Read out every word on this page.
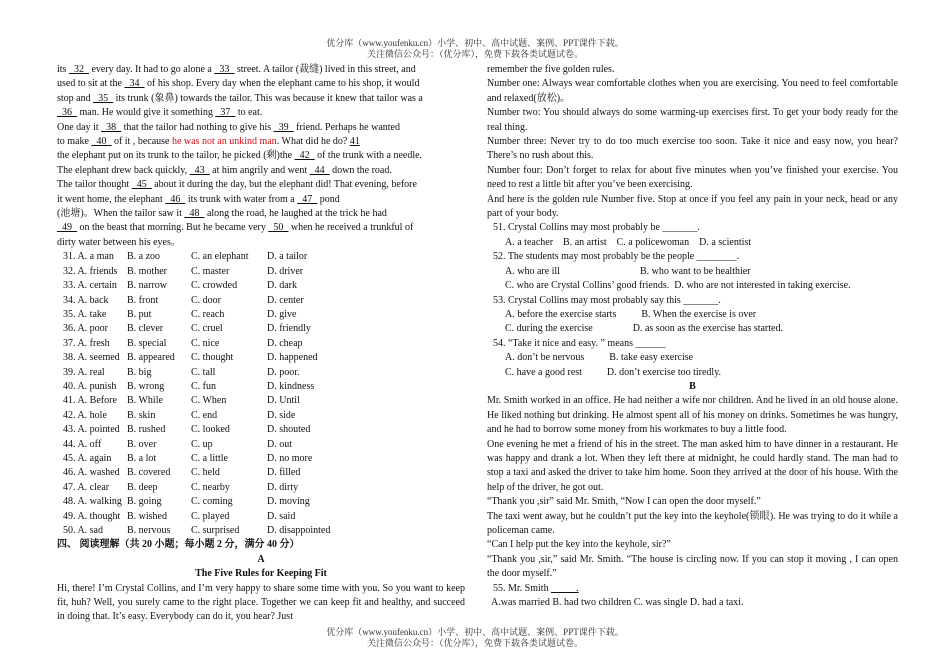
优分库（www.youfenku.cn）小学、初中、高中试题、案例、PPT课件下载。
关注微信公众号：（优分库），免费下载各类试题试卷。

its _32_ every day. It had to go alone a _33_ street. A tailor (裁缝) lived in this street, and

used to sit at the _34_ of his shop. Every day when the elephant came to his shop, it would

stop and _35_ its trunk (象鼻) towards the tailor. This was because it knew that tailor was a

_36_ man. He would give it something _37_ to eat.

One day it _38_ that the tailor had nothing to give his _39_ friend. Perhaps he wanted

to make _40_ of it , because he was not an unkind man. What did he do? 41

the elephant put on its trunk to the tailor, he picked (剩)the _42_ of the trunk with a needle.

The elephant drew back quickly, _43_ at him angrily and went _44_ down the road.

The tailor thought _45_ about it during the day, but the elephant did! That evening, before

it went home, the elephant _46_ its trunk with water from a _47_ pond

(池塘)。When the tailor saw it _48_ along the road, he laughed at the trick he had

_49_ on the beast that morning. But he became very _50_ when he received a trunkful of

dirty water between his eyes。

31. A. a man B. a zoo	C. an elephant D. a tailor

32. A. friends B. mother C. master	D. driver

33. A. certain B. narrow C. crowded	D. dark

34. A. back B. front	C. door	D. center

35. A. take B. put	C. reach	D. give

36. A. poor B. clever	C. cruel	D. friendly

37. A. fresh B. special C. nice	D. cheap

38. A. seemed B. appeared C. thought	D. happened

39. A. real B. big	C. tall	D. poor.

40. A. punish B. wrong	C. fun	D. kindness

41. A. Before B. While	C. When	D. Until

42. A. hole B. skin	C. end	D. side

43. A. pointed B. rushed	C. looked	D. shouted

44. A. off	B. over	C. up	D. out

45. A. again B. a lot	C. a little	D. no more

46. A. washed B. covered C. held	D. filled

47. A. clear B. deep	C. nearby	D. dirty

48. A. walking B. going	C. coming	D. moving

49. A. thought B. wished C. played	D. said

50. A. sad B. nervous C. surprised	D. disappointed

四、 阅读理解（共 20 小题；每小题 2 分，满分 40 分）

A

The Five Rules for Keeping Fit

Hi, there! I’m Crystal Collins, and I’m very happy to share some time with you. So you want to keep fit, huh? Well, you surely came to the right place. Together we can keep fit and healthy, and succeed in doing that. It’s easy. Everybody can do it, you hear? Just

remember the five golden rules.

Number one: Always wear comfortable clothes when you are exercising. You need to feel comfortable and relaxed(放松)。

Number two: You should always do some warming-up exercises first. To get your body ready for the real thing.

Number three: Never try to do too much exercise too soon. Take it nice and easy now, you hear? There’s no rush about this.

Number four: Don’t forget to relax for about five minutes when you’ve finished your exercise. You need to rest a little bit after you’ve been exercising.

And here is the golden rule Number five. Stop at once if you feel any pain in your neck, head or any part of your body.

51. Crystal Collins may most probably be _______.

A. a teacher    B. an artist    C. a policewoman    D. a scientist

52. The students may most probably be the people ________.

A. who are ill                                B. who want to be healthier

C. who are Crystal Collins’ good friends.  D. who are not interested in taking exercise.

53. Crystal Collins may most probably say this _______.

A. before the exercise starts          B. When the exercise is over

C. during the exercise                D. as soon as the exercise has started.

54. “Take it nice and easy. ” means ______

A. don’t be nervous          B. take easy exercise

C. have a good rest          D. don’t exercise too tiredly.

B

Mr. Smith worked in an office. He had neither a wife nor children. And he lived in an old house alone. He liked nothing but drinking. He almost spent all of his money on drinks. Sometimes he was hungry, and he had to borrow some money from his workmates to buy a little food.

One evening he met a friend of his in the street. The man asked him to have dinner in a restaurant. He was happy and drank a lot. When they left there at midnight, he could hardly stand. The man had to stop a taxi and asked the driver to take him home. Soon they arrived at the door of his house. With the help of the driver, he got out.

“Thank you ,sir” said Mr. Smith, “Now I can open the door myself.”

The taxi went away, but he couldn’t put the key into the keyhole(锁眼). He was trying to do it while a policeman came.

“Can I help put the key into the keyhole, sir?”

“Thank you ,sir,” said Mr. Smith. “The house is circling now. If you can stop it moving , I can open the door myself.”

55. Mr. Smith _____.

A.was married B. had two children C. was single D. had a taxi.

优分库（www.youfenku.cn）小学、初中、高中试题、案例、PPT课件下载。
关注微信公众号：（优分库），免费下载各类试题试卷。
